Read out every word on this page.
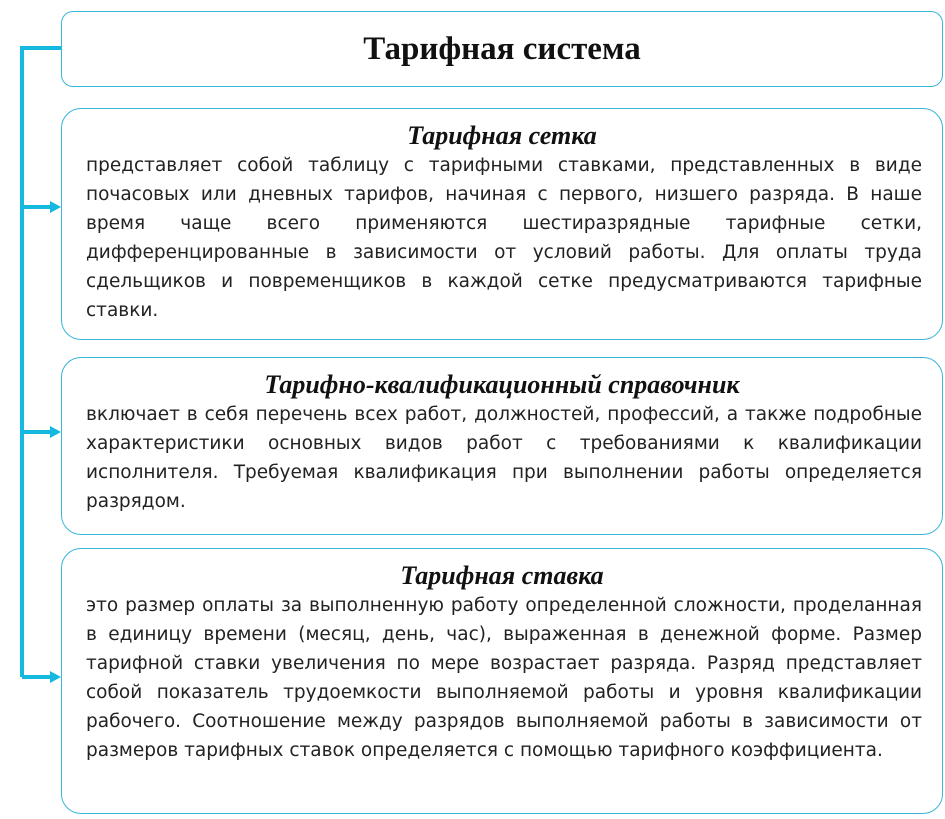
Тарифная система
Тарифная сетка
представляет собой таблицу с тарифными ставками, представленных в виде почасовых или дневных тарифов, начиная с первого, низшего разряда. В наше время чаще всего применяются шестиразрядные тарифные сетки, дифференцированные в зависимости от условий работы. Для оплаты труда сдельщиков и повременщиков в каждой сетке предусматриваются тарифные ставки.
Тарифно-квалификационный справочник
включает в себя перечень всех работ, должностей, профессий, а также подробные характеристики основных видов работ с требованиями к квалификации исполнителя. Требуемая квалификация при выполнении работы определяется разрядом.
Тарифная ставка
это размер оплаты за выполненную работу определенной сложности, проделанная в единицу времени (месяц, день, час), выраженная в денежной форме. Размер тарифной ставки увеличения по мере возрастает разряда. Разряд представляет собой показатель трудоемкости выполняемой работы и уровня квалификации рабочего. Соотношение между разрядов выполняемой работы в зависимости от размеров тарифных ставок определяется с помощью тарифного коэффициента.
